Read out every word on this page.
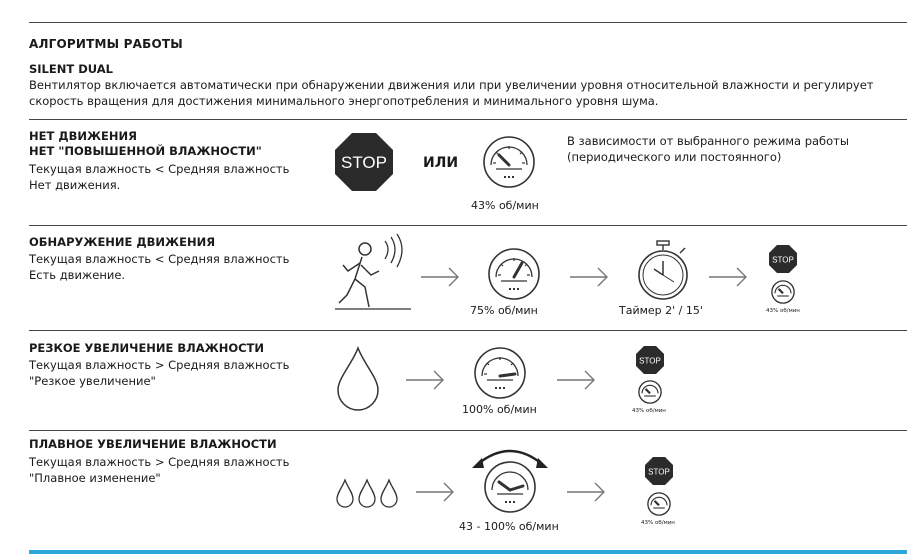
АЛГОРИТМЫ РАБОТЫ
SILENT DUAL
Вентилятор включается автоматически при обнаружении движения или при увеличении уровня относительной влажности и регулирует
скорость вращения для достижения минимального энергопотребления и минимального уровня шума.
НЕТ ДВИЖЕНИЯ
НЕТ "ПОВЫШЕННОЙ ВЛАЖНОСТИ"
Текущая влажность < Средняя влажность
Нет движения.
STOP	ИЛИ
43% об/мин
В зависимости от выбранного режима работы
(периодического или постоянного)
ОБНАРУЖЕНИЕ ДВИЖЕНИЯ
Текущая влажность < Средняя влажность
Есть движение.
75% об/мин	Таймер 2' / 15'
STOP
43% об/мин
РЕЗКОЕ УВЕЛИЧЕНИЕ ВЛАЖНОСТИ
Текущая влажность > Средняя влажность
"Резкое увеличение"
100% об/мин
STOP
43% об/мин
ПЛАВНОЕ УВЕЛИЧЕНИЕ ВЛАЖНОСТИ
Текущая влажность > Средняя влажность
"Плавное изменение"
43 - 100% об/мин
STOP
43% об/мин
